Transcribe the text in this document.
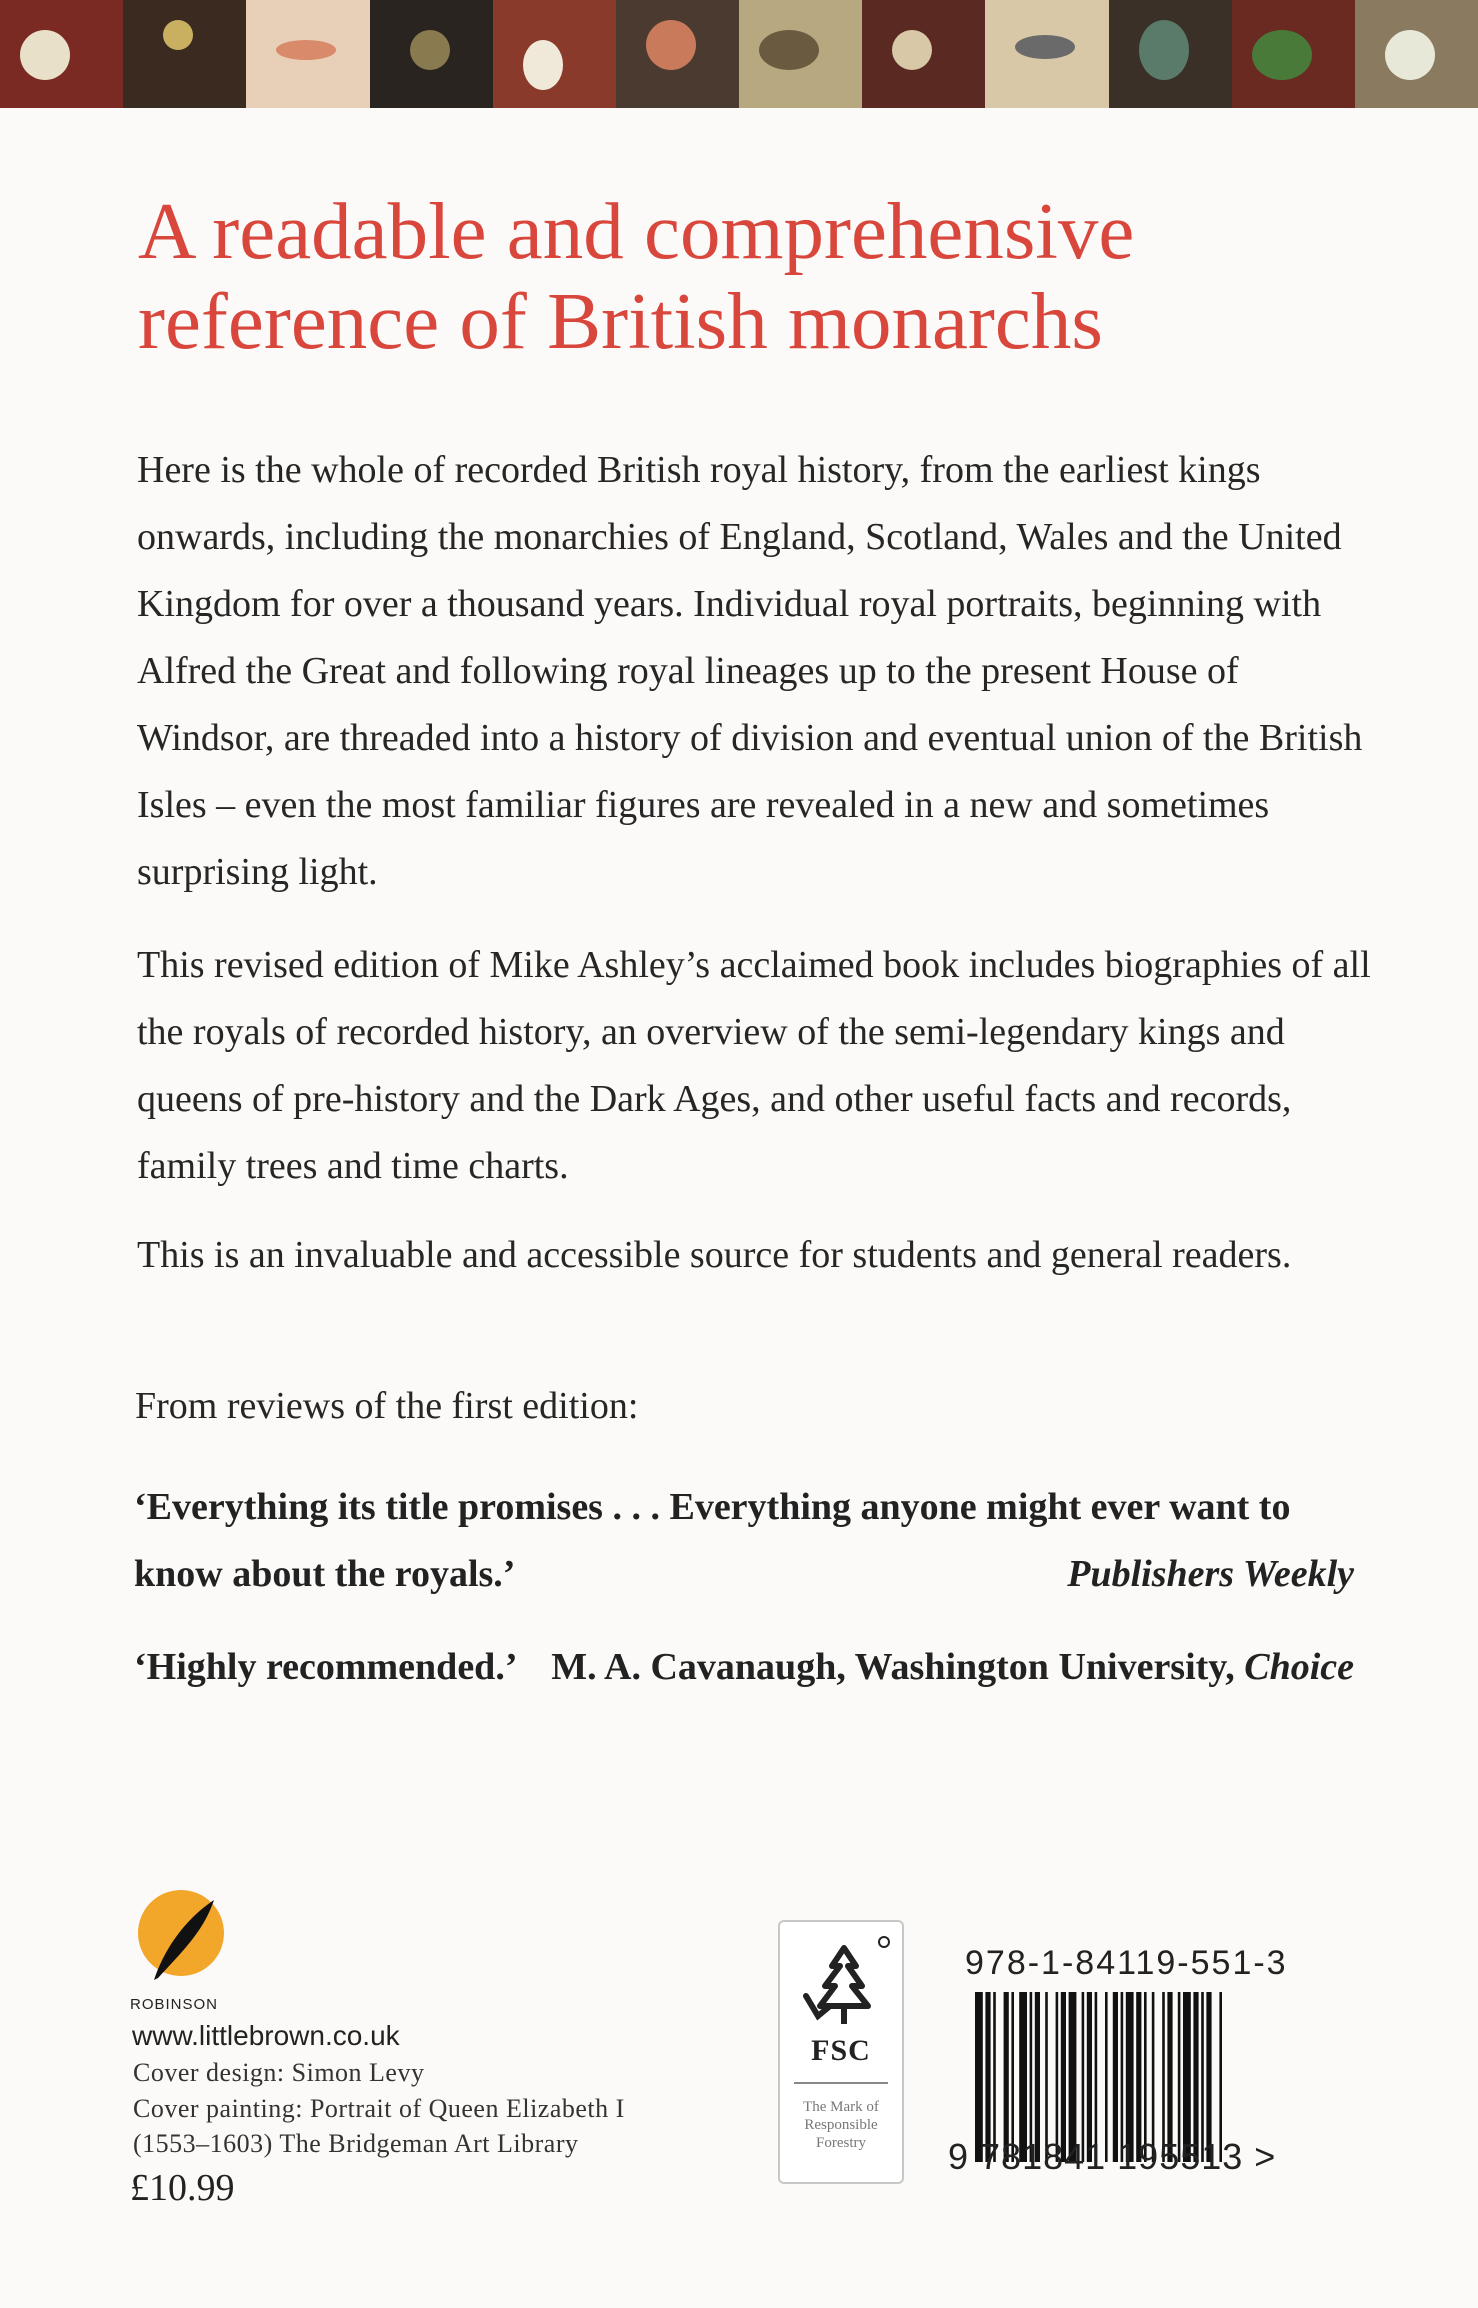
A readable and comprehensive
reference of British monarchs

Here is the whole of recorded British royal history, from the earliest kings onwards, including the monarchies of England, Scotland, Wales and the United Kingdom for over a thousand years. Individual royal portraits, beginning with Alfred the Great and following royal lineages up to the present House of Windsor, are threaded into a history of division and eventual union of the British Isles – even the most familiar figures are revealed in a new and sometimes surprising light.

This revised edition of Mike Ashley’s acclaimed book includes biographies of all the royals of recorded history, an overview of the semi-legendary kings and queens of pre-history and the Dark Ages, and other useful facts and records, family trees and time charts.

This is an invaluable and accessible source for students and general readers.

From reviews of the first edition:

‘Everything its title promises . . . Everything anyone might ever want to know about the royals.’	Publishers Weekly
‘Highly recommended.’ M. A. Cavanaugh, Washington University, Choice
ROBINSON
www.littlebrown.co.uk
Cover design: Simon Levy
Cover painting: Portrait of Queen Elizabeth I
(1553–1603) The Bridgeman Art Library
£10.99
FSC
The Mark of Responsible Forestry
978-1-84119-551-3
9 781841 195513 >
